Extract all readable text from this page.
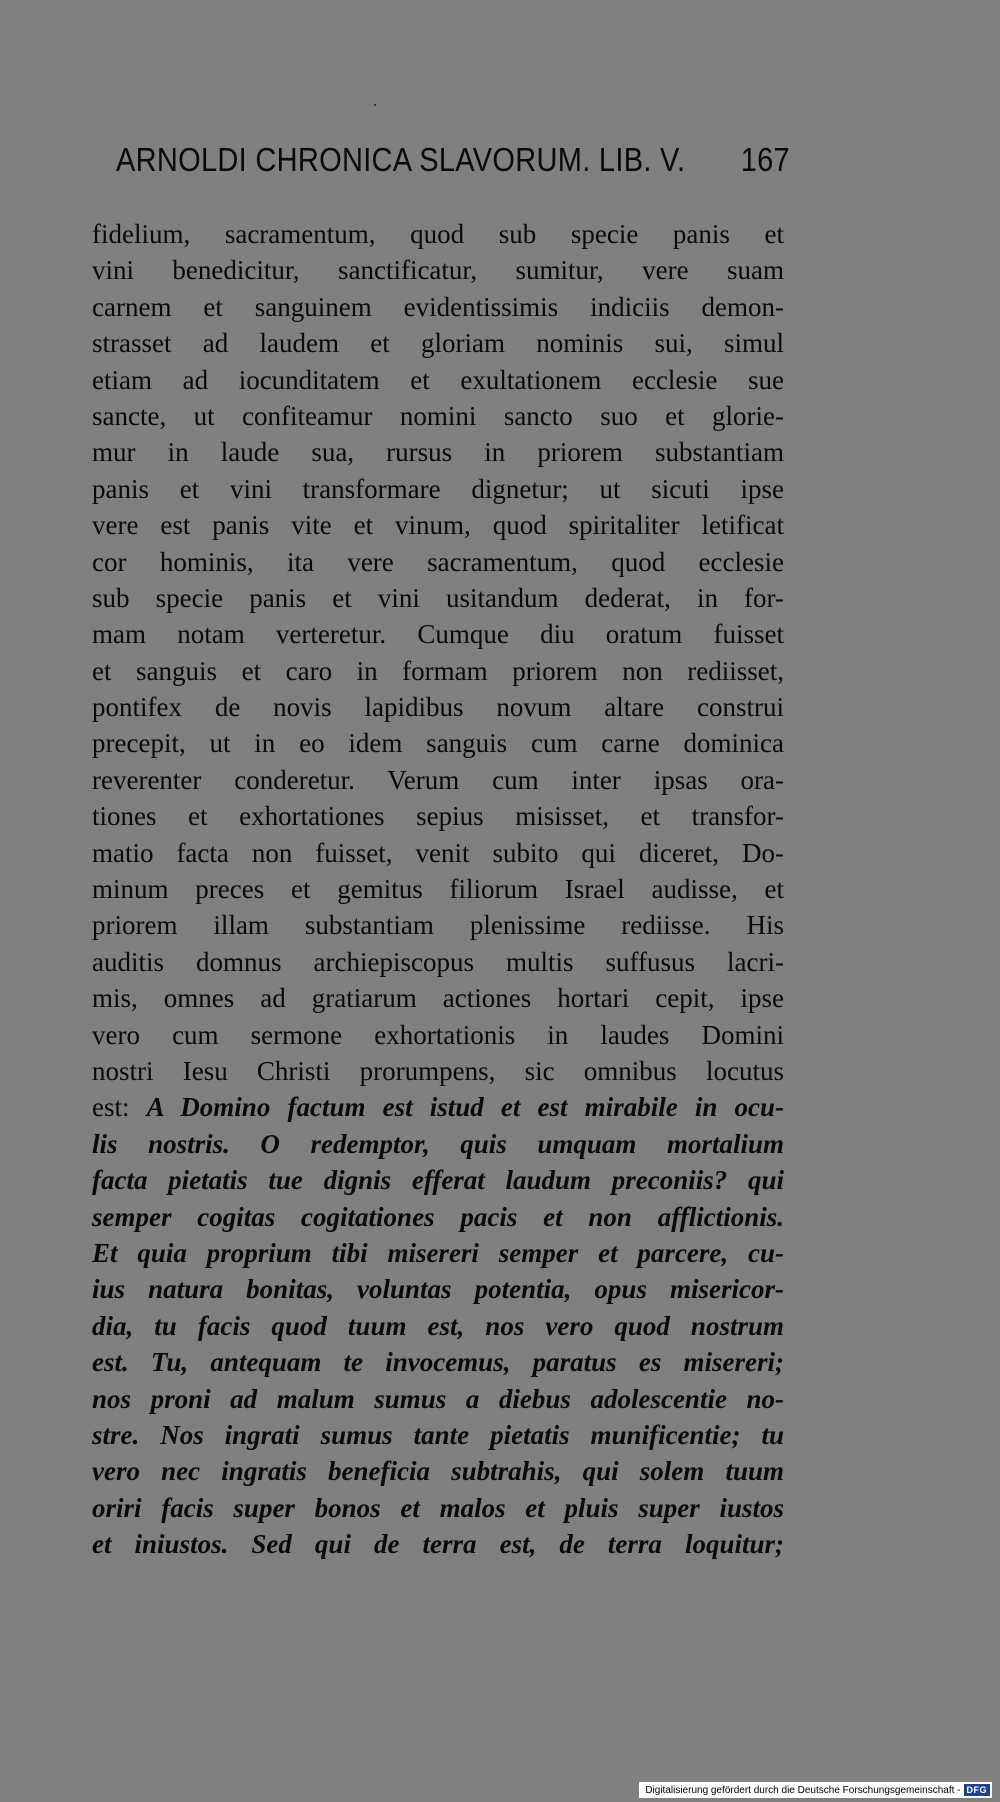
ARNOLDI CHRONICA SLAVORUM. LIB. V. 167
fidelium, sacramentum, quod sub specie panis et
vini benedicitur, sanctificatur, sumitur, vere suam
carnem et sanguinem evidentissimis indiciis demon-
strasset ad laudem et gloriam nominis sui, simul
etiam ad iocunditatem et exultationem ecclesie sue
sancte, ut confiteamur nomini sancto suo et glorie-
mur in laude sua, rursus in priorem substantiam
panis et vini transformare dignetur; ut sicuti ipse
vere est panis vite et vinum, quod spiritaliter letificat
cor hominis, ita vere sacramentum, quod ecclesie
sub specie panis et vini usitandum dederat, in for-
mam notam verteretur. Cumque diu oratum fuisset
et sanguis et caro in formam priorem non rediisset,
pontifex de novis lapidibus novum altare construi
precepit, ut in eo idem sanguis cum carne dominica
reverenter conderetur. Verum cum inter ipsas ora-
tiones et exhortationes sepius misisset, et transfor-
matio facta non fuisset, venit subito qui diceret, Do-
minum preces et gemitus filiorum Israel audisse, et
priorem illam substantiam plenissime rediisse. His
auditis domnus archiepiscopus multis suffusus lacri-
mis, omnes ad gratiarum actiones hortari cepit, ipse
vero cum sermone exhortationis in laudes Domini
nostri Iesu Christi prorumpens, sic omnibus locutus
est: A Domino factum est istud et est mirabile in ocu-
lis nostris. O redemptor, quis umquam mortalium
facta pietatis tue dignis efferat laudum preconiis? qui
semper cogitas cogitationes pacis et non afflictionis.
Et quia proprium tibi misereri semper et parcere, cu-
ius natura bonitas, voluntas potentia, opus misericor-
dia, tu facis quod tuum est, nos vero quod nostrum
est. Tu, antequam te invocemus, paratus es misereri;
nos proni ad malum sumus a diebus adolescentie no-
stre. Nos ingrati sumus tante pietatis munificentie; tu
vero nec ingratis beneficia subtrahis, qui solem tuum
oriri facis super bonos et malos et pluis super iustos
et iniustos. Sed qui de terra est, de terra loquitur;
Digitalisierung gefördert durch die Deutsche Forschungsgemeinschaft - DFG
